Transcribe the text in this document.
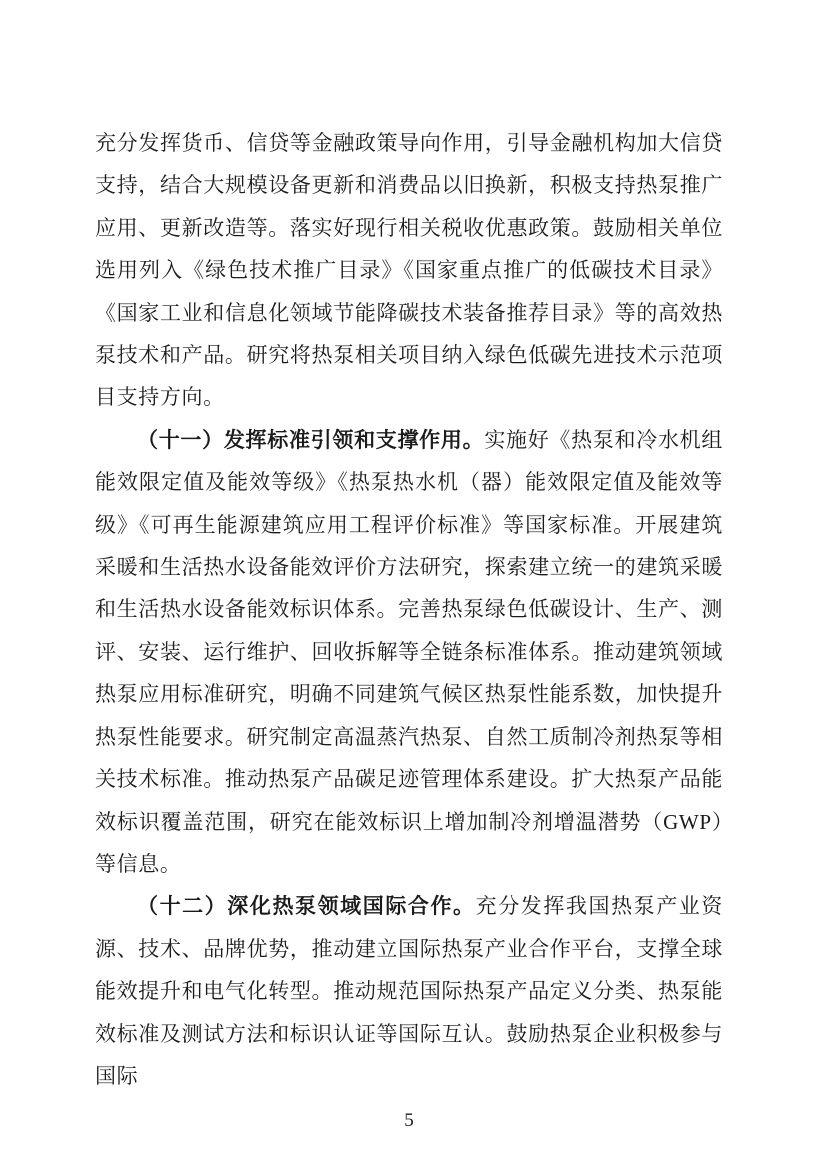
充分发挥货币、信贷等金融政策导向作用，引导金融机构加大信贷支持，结合大规模设备更新和消费品以旧换新，积极支持热泵推广应用、更新改造等。落实好现行相关税收优惠政策。鼓励相关单位选用列入《绿色技术推广目录》《国家重点推广的低碳技术目录》《国家工业和信息化领域节能降碳技术装备推荐目录》等的高效热泵技术和产品。研究将热泵相关项目纳入绿色低碳先进技术示范项目支持方向。

（十一）发挥标准引领和支撑作用。实施好《热泵和冷水机组能效限定值及能效等级》《热泵热水机（器）能效限定值及能效等级》《可再生能源建筑应用工程评价标准》等国家标准。开展建筑采暖和生活热水设备能效评价方法研究，探索建立统一的建筑采暖和生活热水设备能效标识体系。完善热泵绿色低碳设计、生产、测评、安装、运行维护、回收拆解等全链条标准体系。推动建筑领域热泵应用标准研究，明确不同建筑气候区热泵性能系数，加快提升热泵性能要求。研究制定高温蒸汽热泵、自然工质制冷剂热泵等相关技术标准。推动热泵产品碳足迹管理体系建设。扩大热泵产品能效标识覆盖范围，研究在能效标识上增加制冷剂增温潜势（GWP）等信息。

（十二）深化热泵领域国际合作。充分发挥我国热泵产业资源、技术、品牌优势，推动建立国际热泵产业合作平台，支撑全球能效提升和电气化转型。推动规范国际热泵产品定义分类、热泵能效标准及测试方法和标识认证等国际互认。鼓励热泵企业积极参与国际

5
